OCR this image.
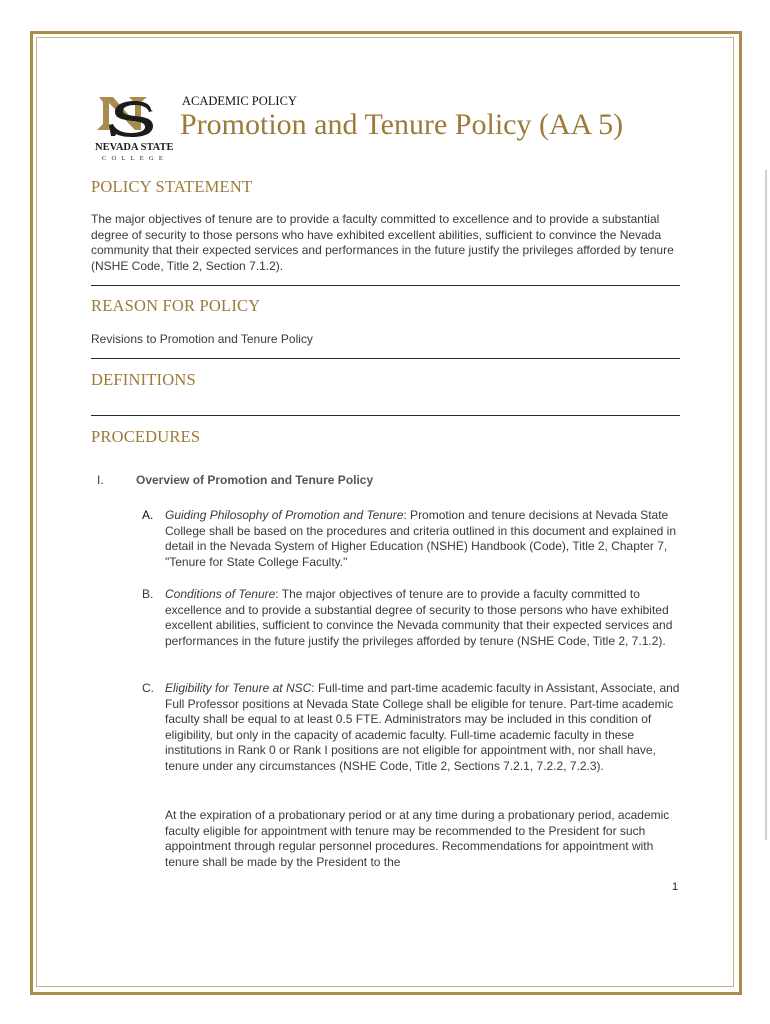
NEVADA STATE
COLLEGE
ACADEMIC POLICY
Promotion and Tenure Policy (AA 5)
POLICY STATEMENT

The major objectives of tenure are to provide a faculty committed to excellence and to provide a substantial degree of security to those persons who have exhibited excellent abilities, sufficient to convince the Nevada community that their expected services and performances in the future justify the privileges afforded by tenure (NSHE Code, Title 2, Section 7.1.2).

REASON FOR POLICY

Revisions to Promotion and Tenure Policy

DEFINITIONS
PROCEDURES
I.	Overview of Promotion and Tenure Policy
A. Guiding Philosophy of Promotion and Tenure: Promotion and tenure decisions at Nevada State College shall be based on the procedures and criteria outlined in this document and explained in detail in the Nevada System of Higher Education (NSHE) Handbook (Code), Title 2, Chapter 7, "Tenure for State College Faculty."
B. Conditions of Tenure: The major objectives of tenure are to provide a faculty committed to excellence and to provide a substantial degree of security to those persons who have exhibited excellent abilities, sufficient to convince the Nevada community that their expected services and performances in the future justify the privileges afforded by tenure (NSHE Code, Title 2, 7.1.2).
C. Eligibility for Tenure at NSC: Full-time and part-time academic faculty in Assistant, Associate, and Full Professor positions at Nevada State College shall be eligible for tenure. Part-time academic faculty shall be equal to at least 0.5 FTE. Administrators may be included in this condition of eligibility, but only in the capacity of academic faculty. Full-time academic faculty in these institutions in Rank 0 or Rank I positions are not eligible for appointment with, nor shall have, tenure under any circumstances (NSHE Code, Title 2, Sections 7.2.1, 7.2.2, 7.2.3).
At the expiration of a probationary period or at any time during a probationary period, academic faculty eligible for appointment with tenure may be recommended to the President for such appointment through regular personnel procedures. Recommendations for appointment with tenure shall be made by the President to the
1
